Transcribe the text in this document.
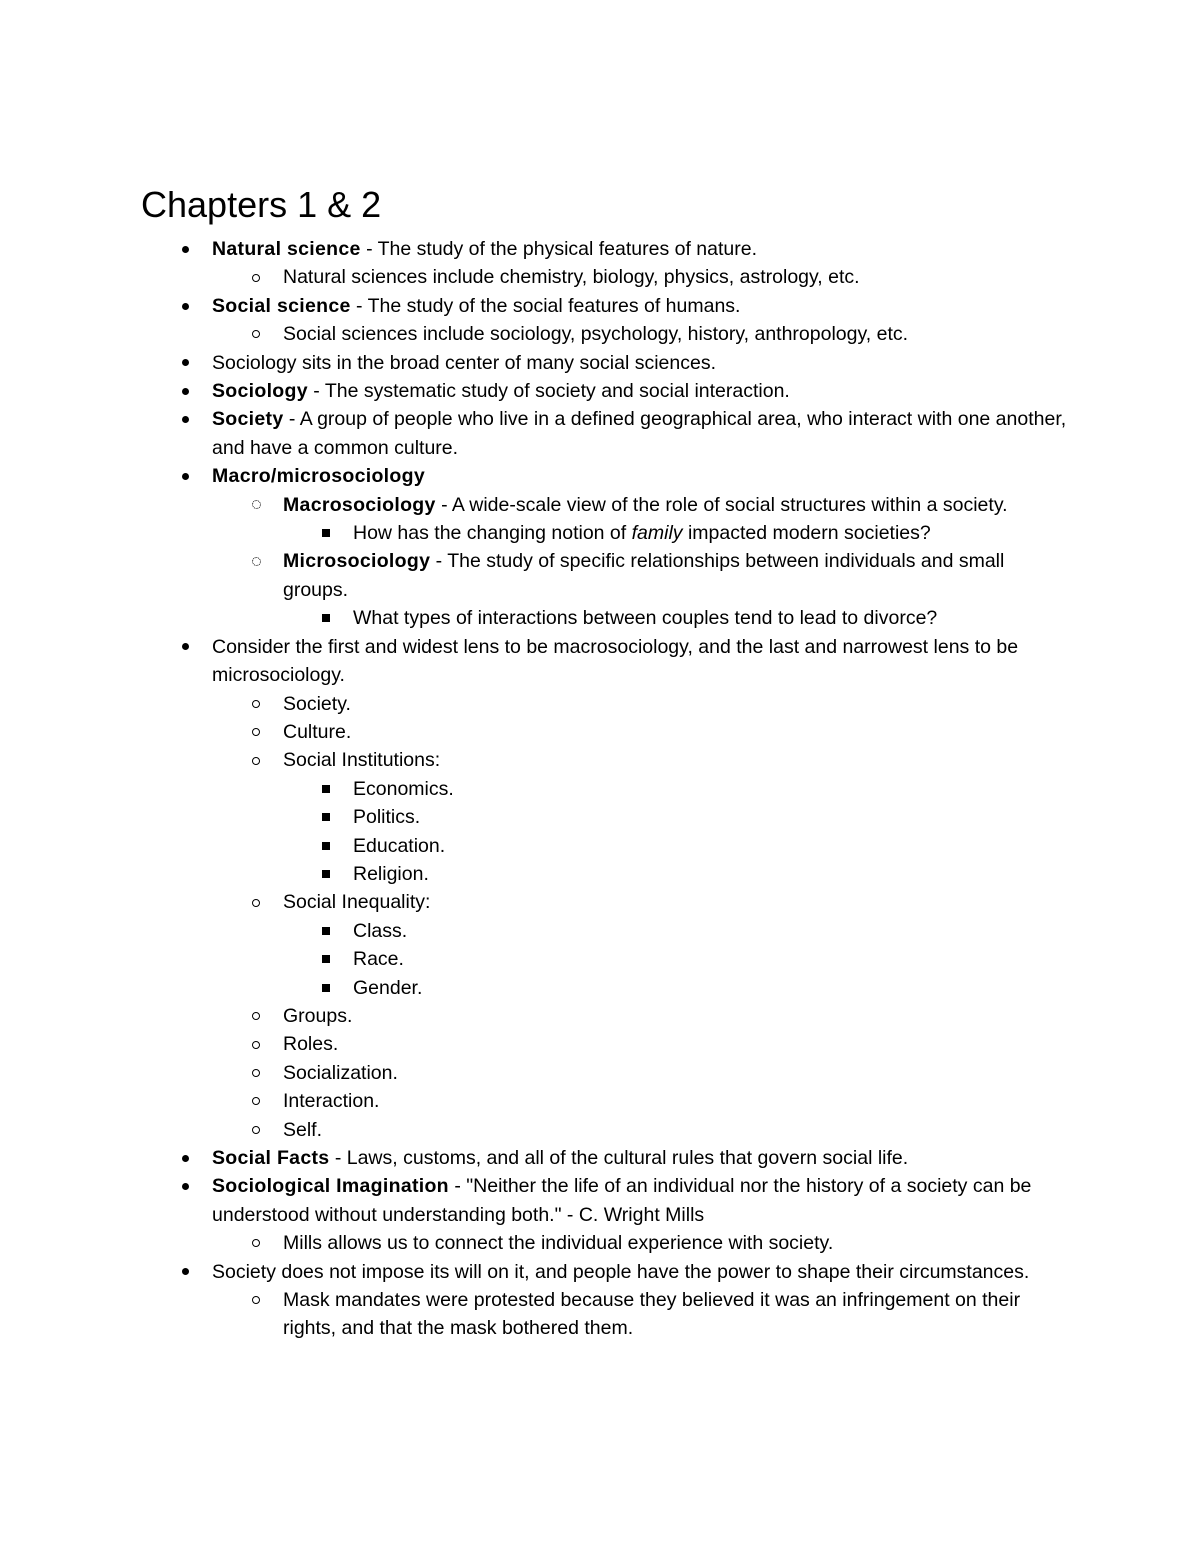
Chapters 1 & 2
Natural science - The study of the physical features of nature.
Natural sciences include chemistry, biology, physics, astrology, etc.
Social science - The study of the social features of humans.
Social sciences include sociology, psychology, history, anthropology, etc.
Sociology sits in the broad center of many social sciences.
Sociology - The systematic study of society and social interaction.
Society - A group of people who live in a defined geographical area, who interact with one another, and have a common culture.
Macro/microsociology
Macrosociology - A wide-scale view of the role of social structures within a society.
How has the changing notion of family impacted modern societies?
Microsociology - The study of specific relationships between individuals and small groups.
What types of interactions between couples tend to lead to divorce?
Consider the first and widest lens to be macrosociology, and the last and narrowest lens to be microsociology.
Society.
Culture.
Social Institutions:
Economics.
Politics.
Education.
Religion.
Social Inequality:
Class.
Race.
Gender.
Groups.
Roles.
Socialization.
Interaction.
Self.
Social Facts - Laws, customs, and all of the cultural rules that govern social life.
Sociological Imagination - "Neither the life of an individual nor the history of a society can be understood without understanding both." - C. Wright Mills
Mills allows us to connect the individual experience with society.
Society does not impose its will on it, and people have the power to shape their circumstances.
Mask mandates were protested because they believed it was an infringement on their rights, and that the mask bothered them.
